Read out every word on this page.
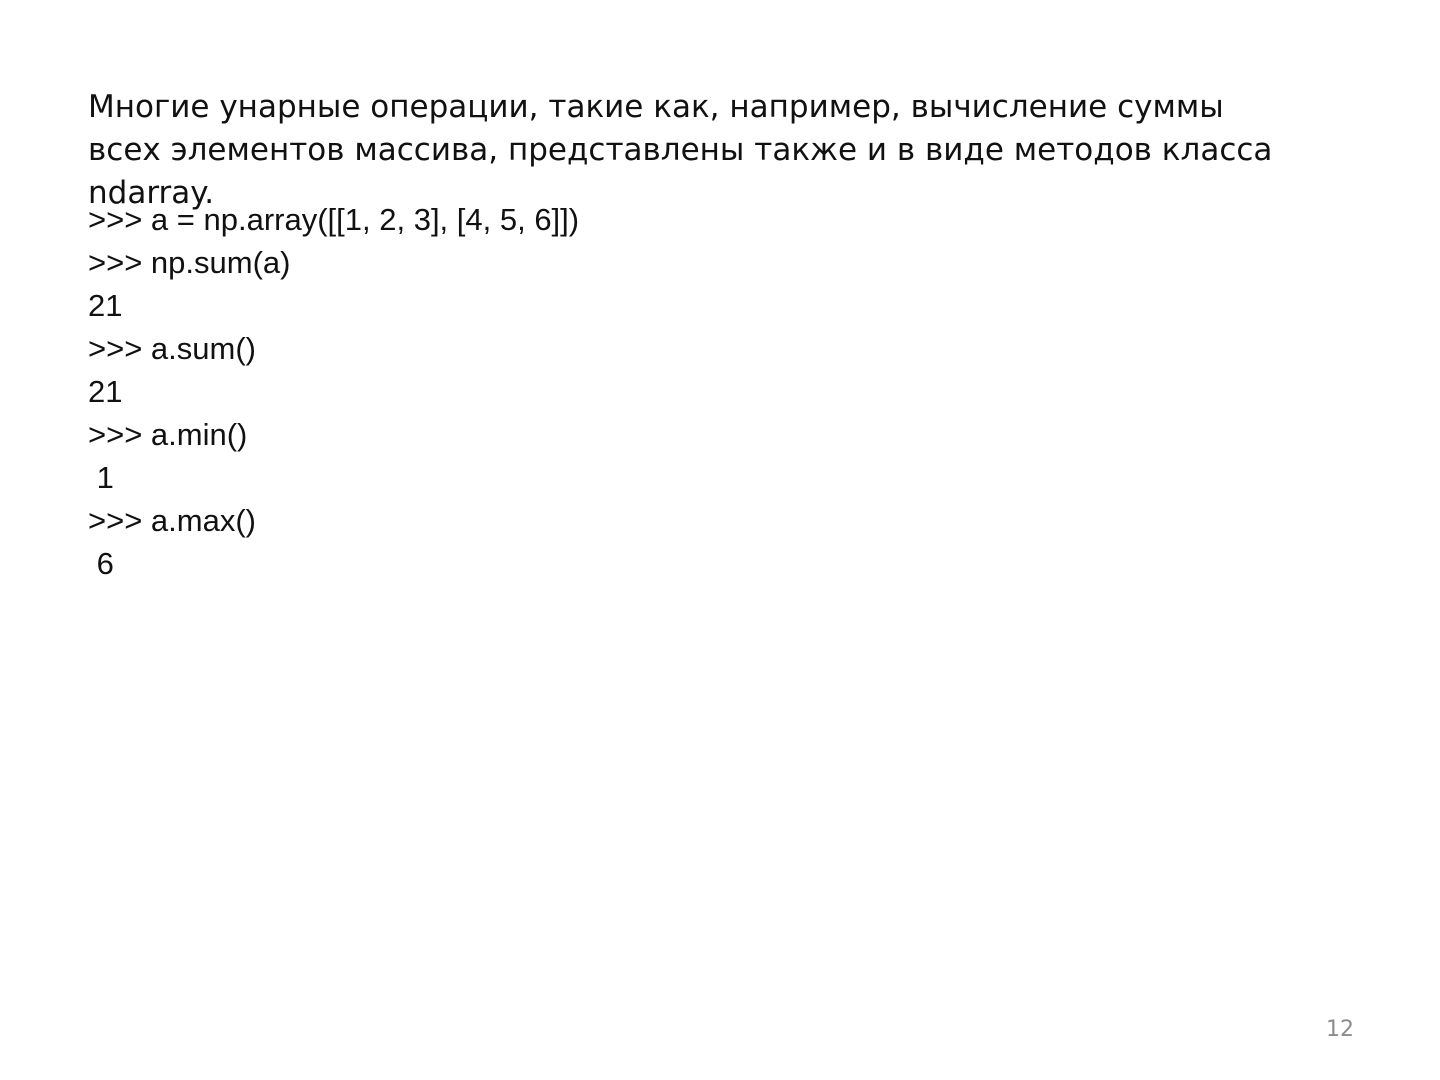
Многие унарные операции, такие как, например, вычисление суммы
всех элементов массива, представлены также и в виде методов класса
ndarray.

>>> a = np.array([[1, 2, 3], [4, 5, 6]])
>>> np.sum(a)
21
>>> a.sum()
21
>>> a.min()
1
>>> a.max()
6
12
